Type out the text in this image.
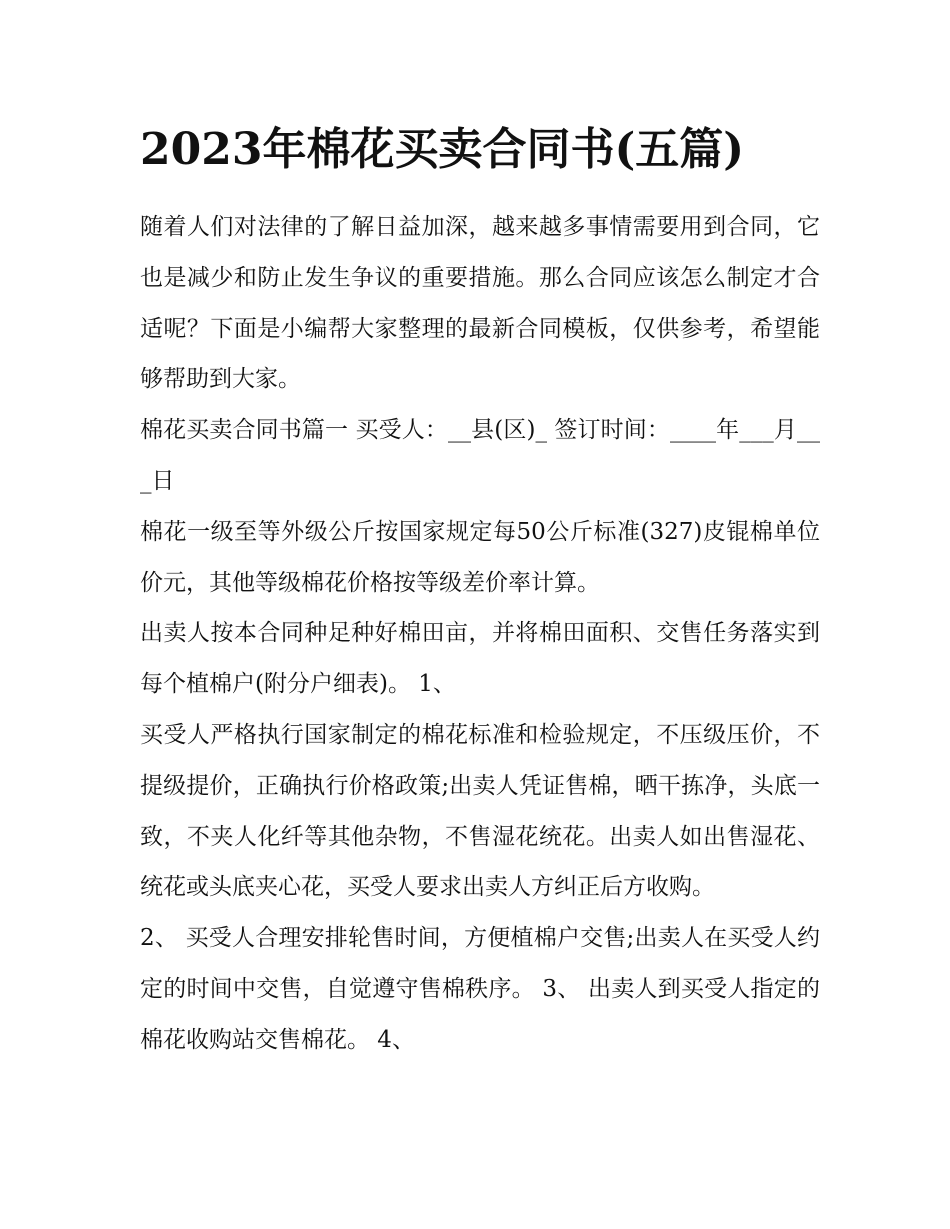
2023年棉花买卖合同书(五篇)

随着人们对法律的了解日益加深，越来越多事情需要用到合同，它也是减少和防止发生争议的重要措施。那么合同应该怎么制定才合适呢？下面是小编帮大家整理的最新合同模板，仅供参考，希望能够帮助到大家。

棉花买卖合同书篇一 买受人：__县(区)_ 签订时间：____年___月___日

棉花一级至等外级公斤按国家规定每50公斤标准(327)皮锟棉单位价元，其他等级棉花价格按等级差价率计算。

出卖人按本合同种足种好棉田亩，并将棉田面积、交售任务落实到每个植棉户(附分户细表)。 1、

买受人严格执行国家制定的棉花标准和检验规定，不压级压价，不提级提价，正确执行价格政策;出卖人凭证售棉，晒干拣净，头底一致，不夹人化纤等其他杂物，不售湿花统花。出卖人如出售湿花、统花或头底夹心花，买受人要求出卖人方纠正后方收购。

2、 买受人合理安排轮售时间，方便植棉户交售;出卖人在买受人约定的时间中交售，自觉遵守售棉秩序。 3、 出卖人到买受人指定的棉花收购站交售棉花。 4、
